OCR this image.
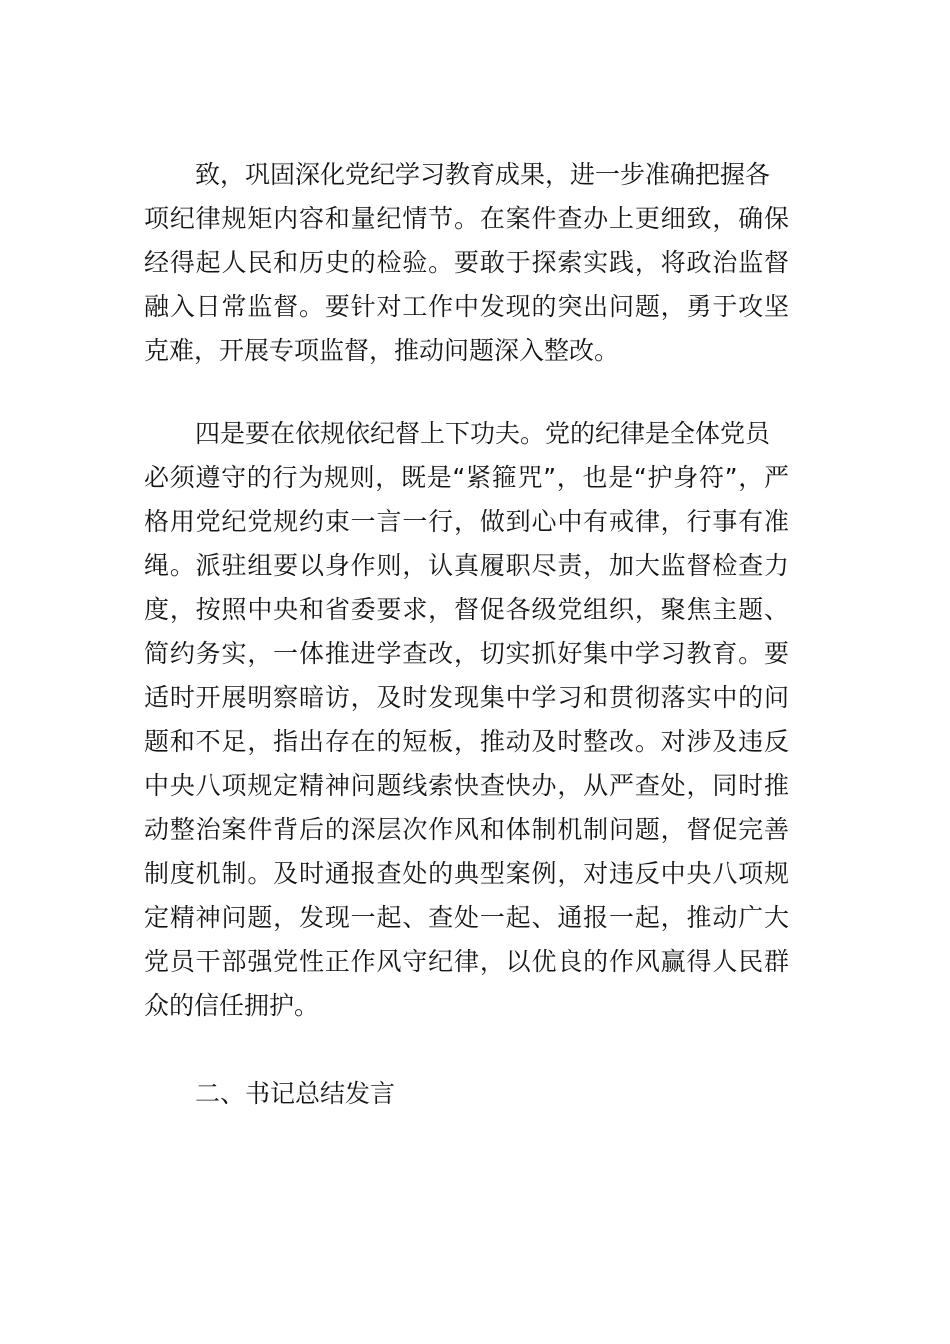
致，巩固深化党纪学习教育成果，进一步准确把握各
项纪律规矩内容和量纪情节。在案件查办上更细致，确保
经得起人民和历史的检验。要敢于探索实践，将政治监督
融入日常监督。要针对工作中发现的突出问题，勇于攻坚
克难，开展专项监督，推动问题深入整改。
四是要在依规依纪督上下功夫。党的纪律是全体党员
必须遵守的行为规则，既是“紧箍咒”，也是“护身符”，严
格用党纪党规约束一言一行，做到心中有戒律，行事有准
绳。派驻组要以身作则，认真履职尽责，加大监督检查力
度，按照中央和省委要求，督促各级党组织，聚焦主题、
简约务实，一体推进学查改，切实抓好集中学习教育。要
适时开展明察暗访，及时发现集中学习和贯彻落实中的问
题和不足，指出存在的短板，推动及时整改。对涉及违反
中央八项规定精神问题线索快查快办，从严查处，同时推
动整治案件背后的深层次作风和体制机制问题，督促完善
制度机制。及时通报查处的典型案例，对违反中央八项规
定精神问题，发现一起、查处一起、通报一起，推动广大
党员干部强党性正作风守纪律，以优良的作风赢得人民群
众的信任拥护。
二、书记总结发言
